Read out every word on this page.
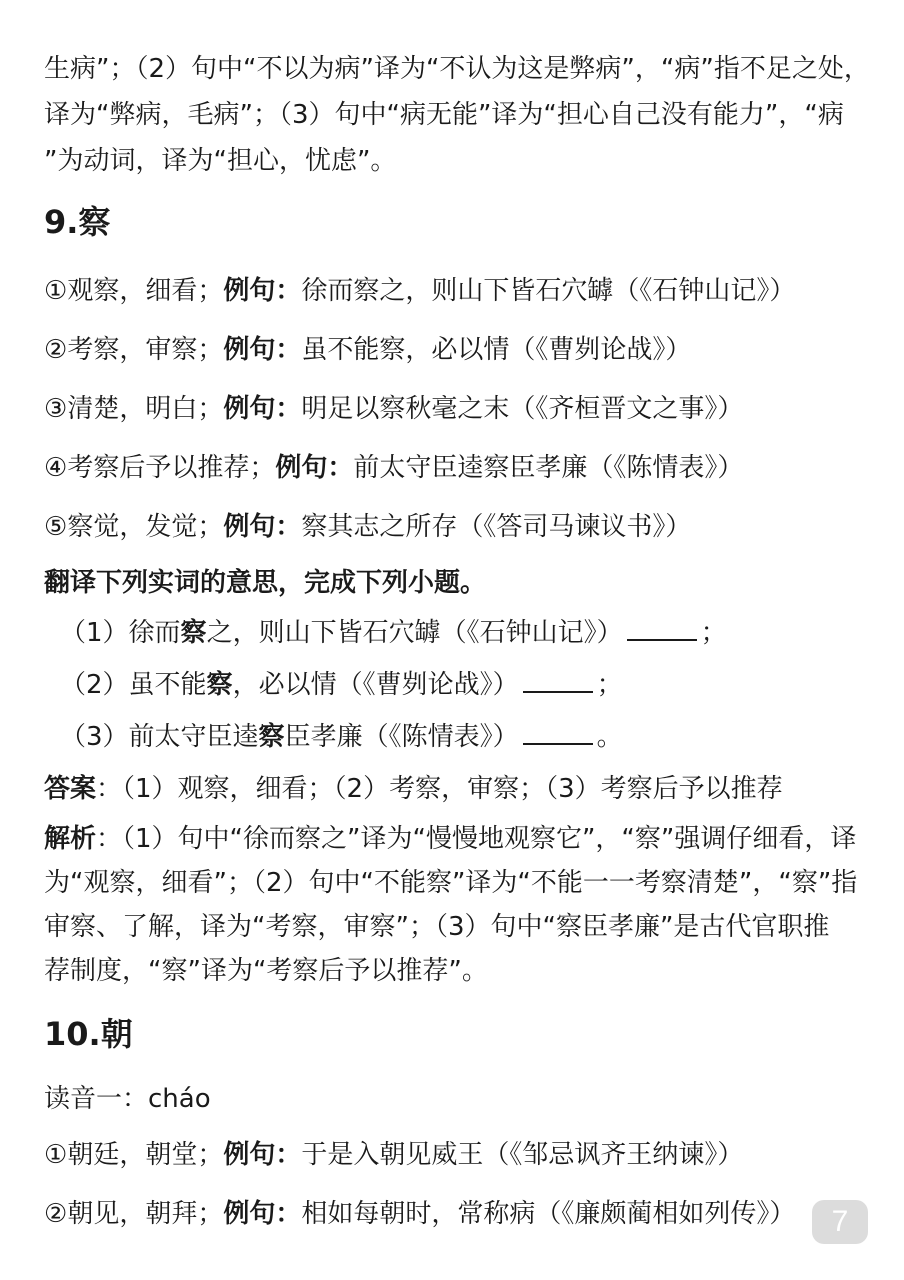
生病”；（2）句中“不以为病”译为“不认为这是弊病”，“病”指不足之处，
译为“弊病，毛病”；（3）句中“病无能”译为“担心自己没有能力”，“病
”为动词，译为“担心，忧虑”。
9.察
①观察，细看；例句：徐而察之，则山下皆石穴罅（《石钟山记》）
②考察，审察；例句：虽不能察，必以情（《曹刿论战》）
③清楚，明白；例句：明足以察秋毫之末（《齐桓晋文之事》）
④考察后予以推荐；例句：前太守臣逵察臣孝廉（《陈情表》）
⑤察觉，发觉；例句：察其志之所存（《答司马谏议书》）
翻译下列实词的意思，完成下列小题。
（1）徐而察之，则山下皆石穴罅（《石钟山记》）	；
（2）虽不能察，必以情（《曹刿论战》）	；
（3）前太守臣逵察臣孝廉（《陈情表》）	。
答案：（1）观察，细看；（2）考察，审察；（3）考察后予以推荐
解析：（1）句中“徐而察之”译为“慢慢地观察它”，“察”强调仔细看，译
为“观察，细看”；（2）句中“不能察”译为“不能一一考察清楚”，“察”指
审察、了解，译为“考察，审察”；（3）句中“察臣孝廉”是古代官职推
荐制度，“察”译为“考察后予以推荐”。
10.朝
读音一：cháo
①朝廷，朝堂；例句：于是入朝见威王（《邹忌讽齐王纳谏》）
②朝见，朝拜；例句：相如每朝时，常称病（《廉颇蔺相如列传》）	7
